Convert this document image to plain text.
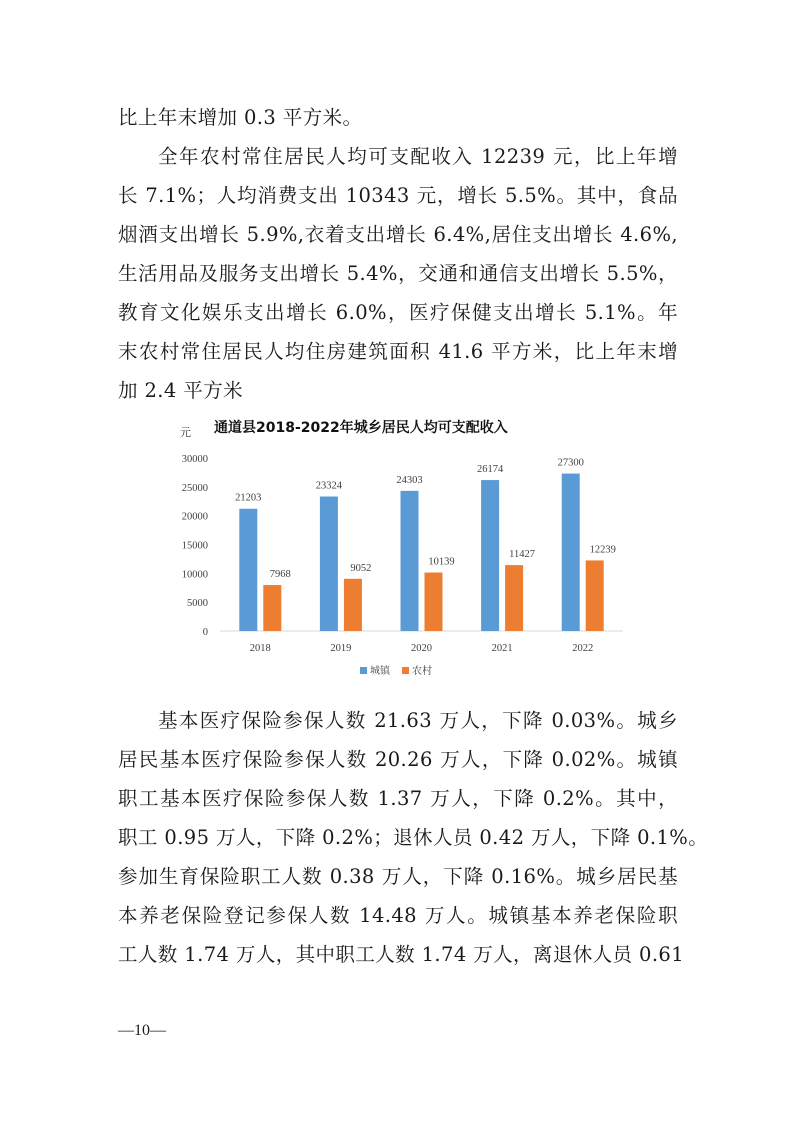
比上年末增加 0.3 平方米。
全年农村常住居民人均可支配收入 12239 元，比上年增
长 7.1%；人均消费支出 10343 元，增长 5.5%。其中，食品
烟酒支出增长 5.9%,衣着支出增长 6.4%,居住支出增长 4.6%,
生活用品及服务支出增长 5.4%，交通和通信支出增长 5.5%，
教育文化娱乐支出增长 6.0%，医疗保健支出增长 5.1%。年
末农村常住居民人均住房建筑面积 41.6 平方米，比上年末增
加 2.4 平方米
通道县2018-2022年城乡居民人均可支配收入
元
0
5000
10000
15000
20000
25000
30000
21203
7968
2018
23324
9052
2019
24303
10139
2020
26174
11427
2021
27300
12239
2022
城镇 农村
基本医疗保险参保人数 21.63 万人，下降 0.03%。城乡
居民基本医疗保险参保人数 20.26 万人，下降 0.02%。城镇
职工基本医疗保险参保人数 1.37 万人，下降 0.2%。其中，
职工 0.95 万人，下降 0.2%；退休人员 0.42 万人，下降 0.1%。
参加生育保险职工人数 0.38 万人，下降 0.16%。城乡居民基
本养老保险登记参保人数 14.48 万人。城镇基本养老保险职
工人数 1.74 万人，其中职工人数 1.74 万人，离退休人员 0.61
—10—
